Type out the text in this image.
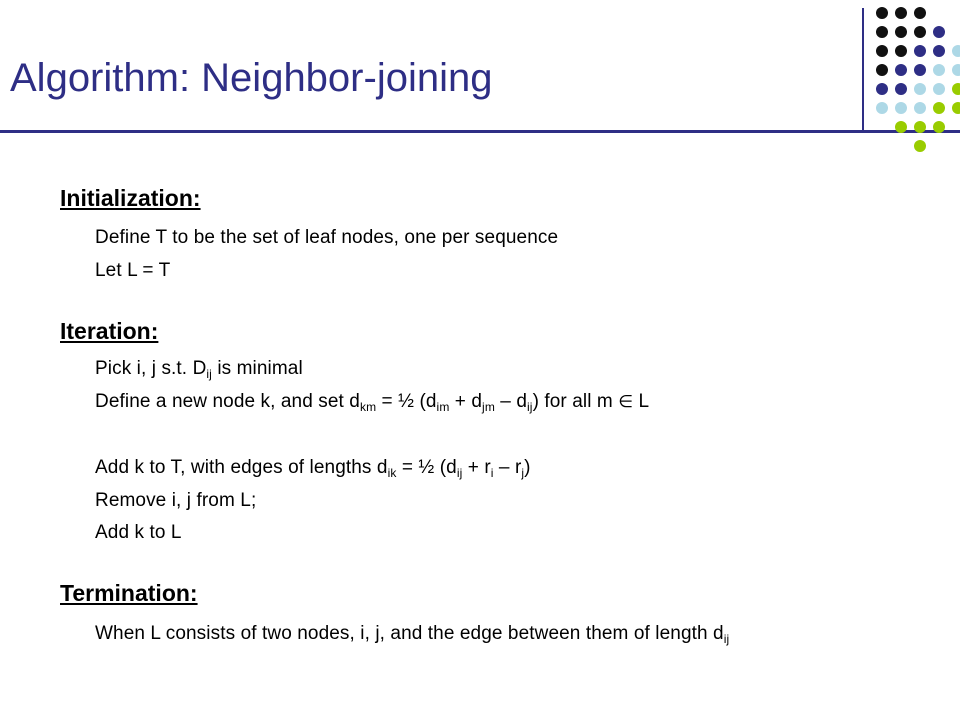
Algorithm: Neighbor-joining
Initialization:

Define T to be the set of leaf nodes, one per sequence

Let L = T

Iteration:

Pick i, j s.t. $D_{ij}$ is minimal

Define a new node k, and set $d_{km}$ = ½ $(d_{im} + d_{jm} - d_{ij})$ for all m ∈ L

Add k to T, with edges of lengths $d_{ik}$ = ½ $(d_{ij} + r_i - r_j)$

Remove i, j from L;

Add k to L

Termination:

When L consists of two nodes, i, j, and the edge between them of length $d_{ij}$
